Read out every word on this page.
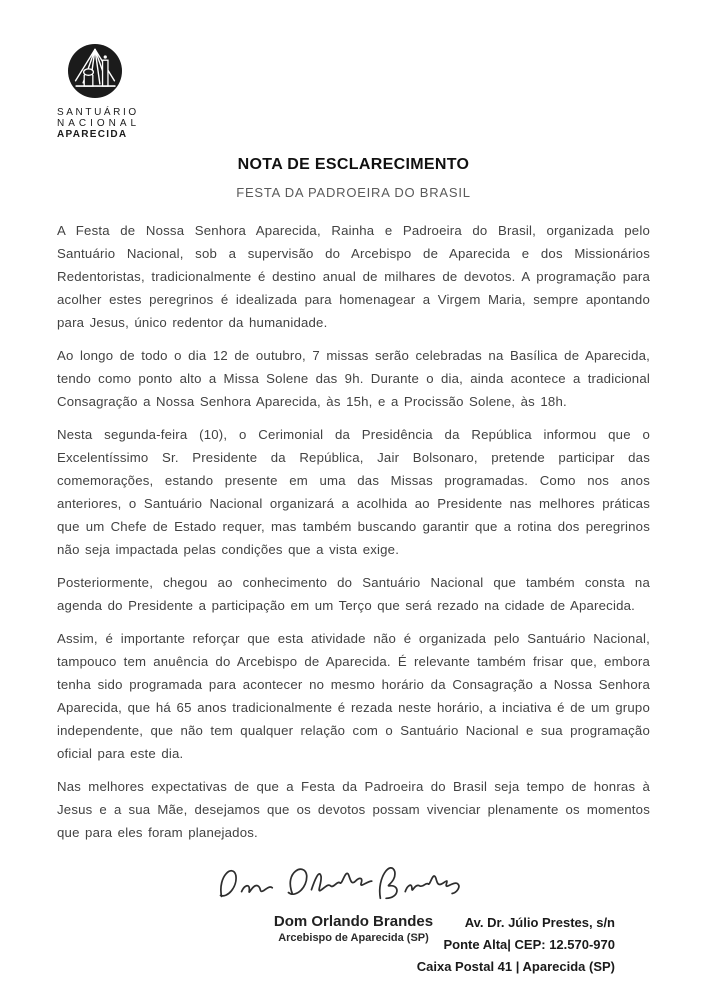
SANTUÁRIO
NACIONAL
APARECIDA
NOTA DE ESCLARECIMENTO
FESTA DA PADROEIRA DO BRASIL

A Festa de Nossa Senhora Aparecida, Rainha e Padroeira do Brasil, organizada pelo Santuário Nacional, sob a supervisão do Arcebispo de Aparecida e dos Missionários Redentoristas, tradicionalmente é destino anual de milhares de devotos. A programação para acolher estes peregrinos é idealizada para homenagear a Virgem Maria, sempre apontando para Jesus, único redentor da humanidade.

Ao longo de todo o dia 12 de outubro, 7 missas serão celebradas na Basílica de Aparecida, tendo como ponto alto a Missa Solene das 9h. Durante o dia, ainda acontece a tradicional Consagração a Nossa Senhora Aparecida, às 15h, e a Procissão Solene, às 18h.

Nesta segunda-feira (10), o Cerimonial da Presidência da República informou que o Excelentíssimo Sr. Presidente da República, Jair Bolsonaro, pretende participar das comemorações, estando presente em uma das Missas programadas. Como nos anos anteriores, o Santuário Nacional organizará a acolhida ao Presidente nas melhores práticas que um Chefe de Estado requer, mas também buscando garantir que a rotina dos peregrinos não seja impactada pelas condições que a vista exige.

Posteriormente, chegou ao conhecimento do Santuário Nacional que também consta na agenda do Presidente a participação em um Terço que será rezado na cidade de Aparecida.

Assim, é importante reforçar que esta atividade não é organizada pelo Santuário Nacional, tampouco tem anuência do Arcebispo de Aparecida. É relevante também frisar que, embora tenha sido programada para acontecer no mesmo horário da Consagração a Nossa Senhora Aparecida, que há 65 anos tradicionalmente é rezada neste horário, a inciativa é de um grupo independente, que não tem qualquer relação com o Santuário Nacional e sua programação oficial para este dia.

Nas melhores expectativas de que a Festa da Padroeira do Brasil seja tempo de honras à Jesus e a sua Mãe, desejamos que os devotos possam vivenciar plenamente os momentos que para eles foram planejados.

Dom Orlando Brandes
Arcebispo de Aparecida (SP)
Av. Dr. Júlio Prestes, s/n
Ponte Alta| CEP: 12.570-970
Caixa Postal 41 | Aparecida (SP)
